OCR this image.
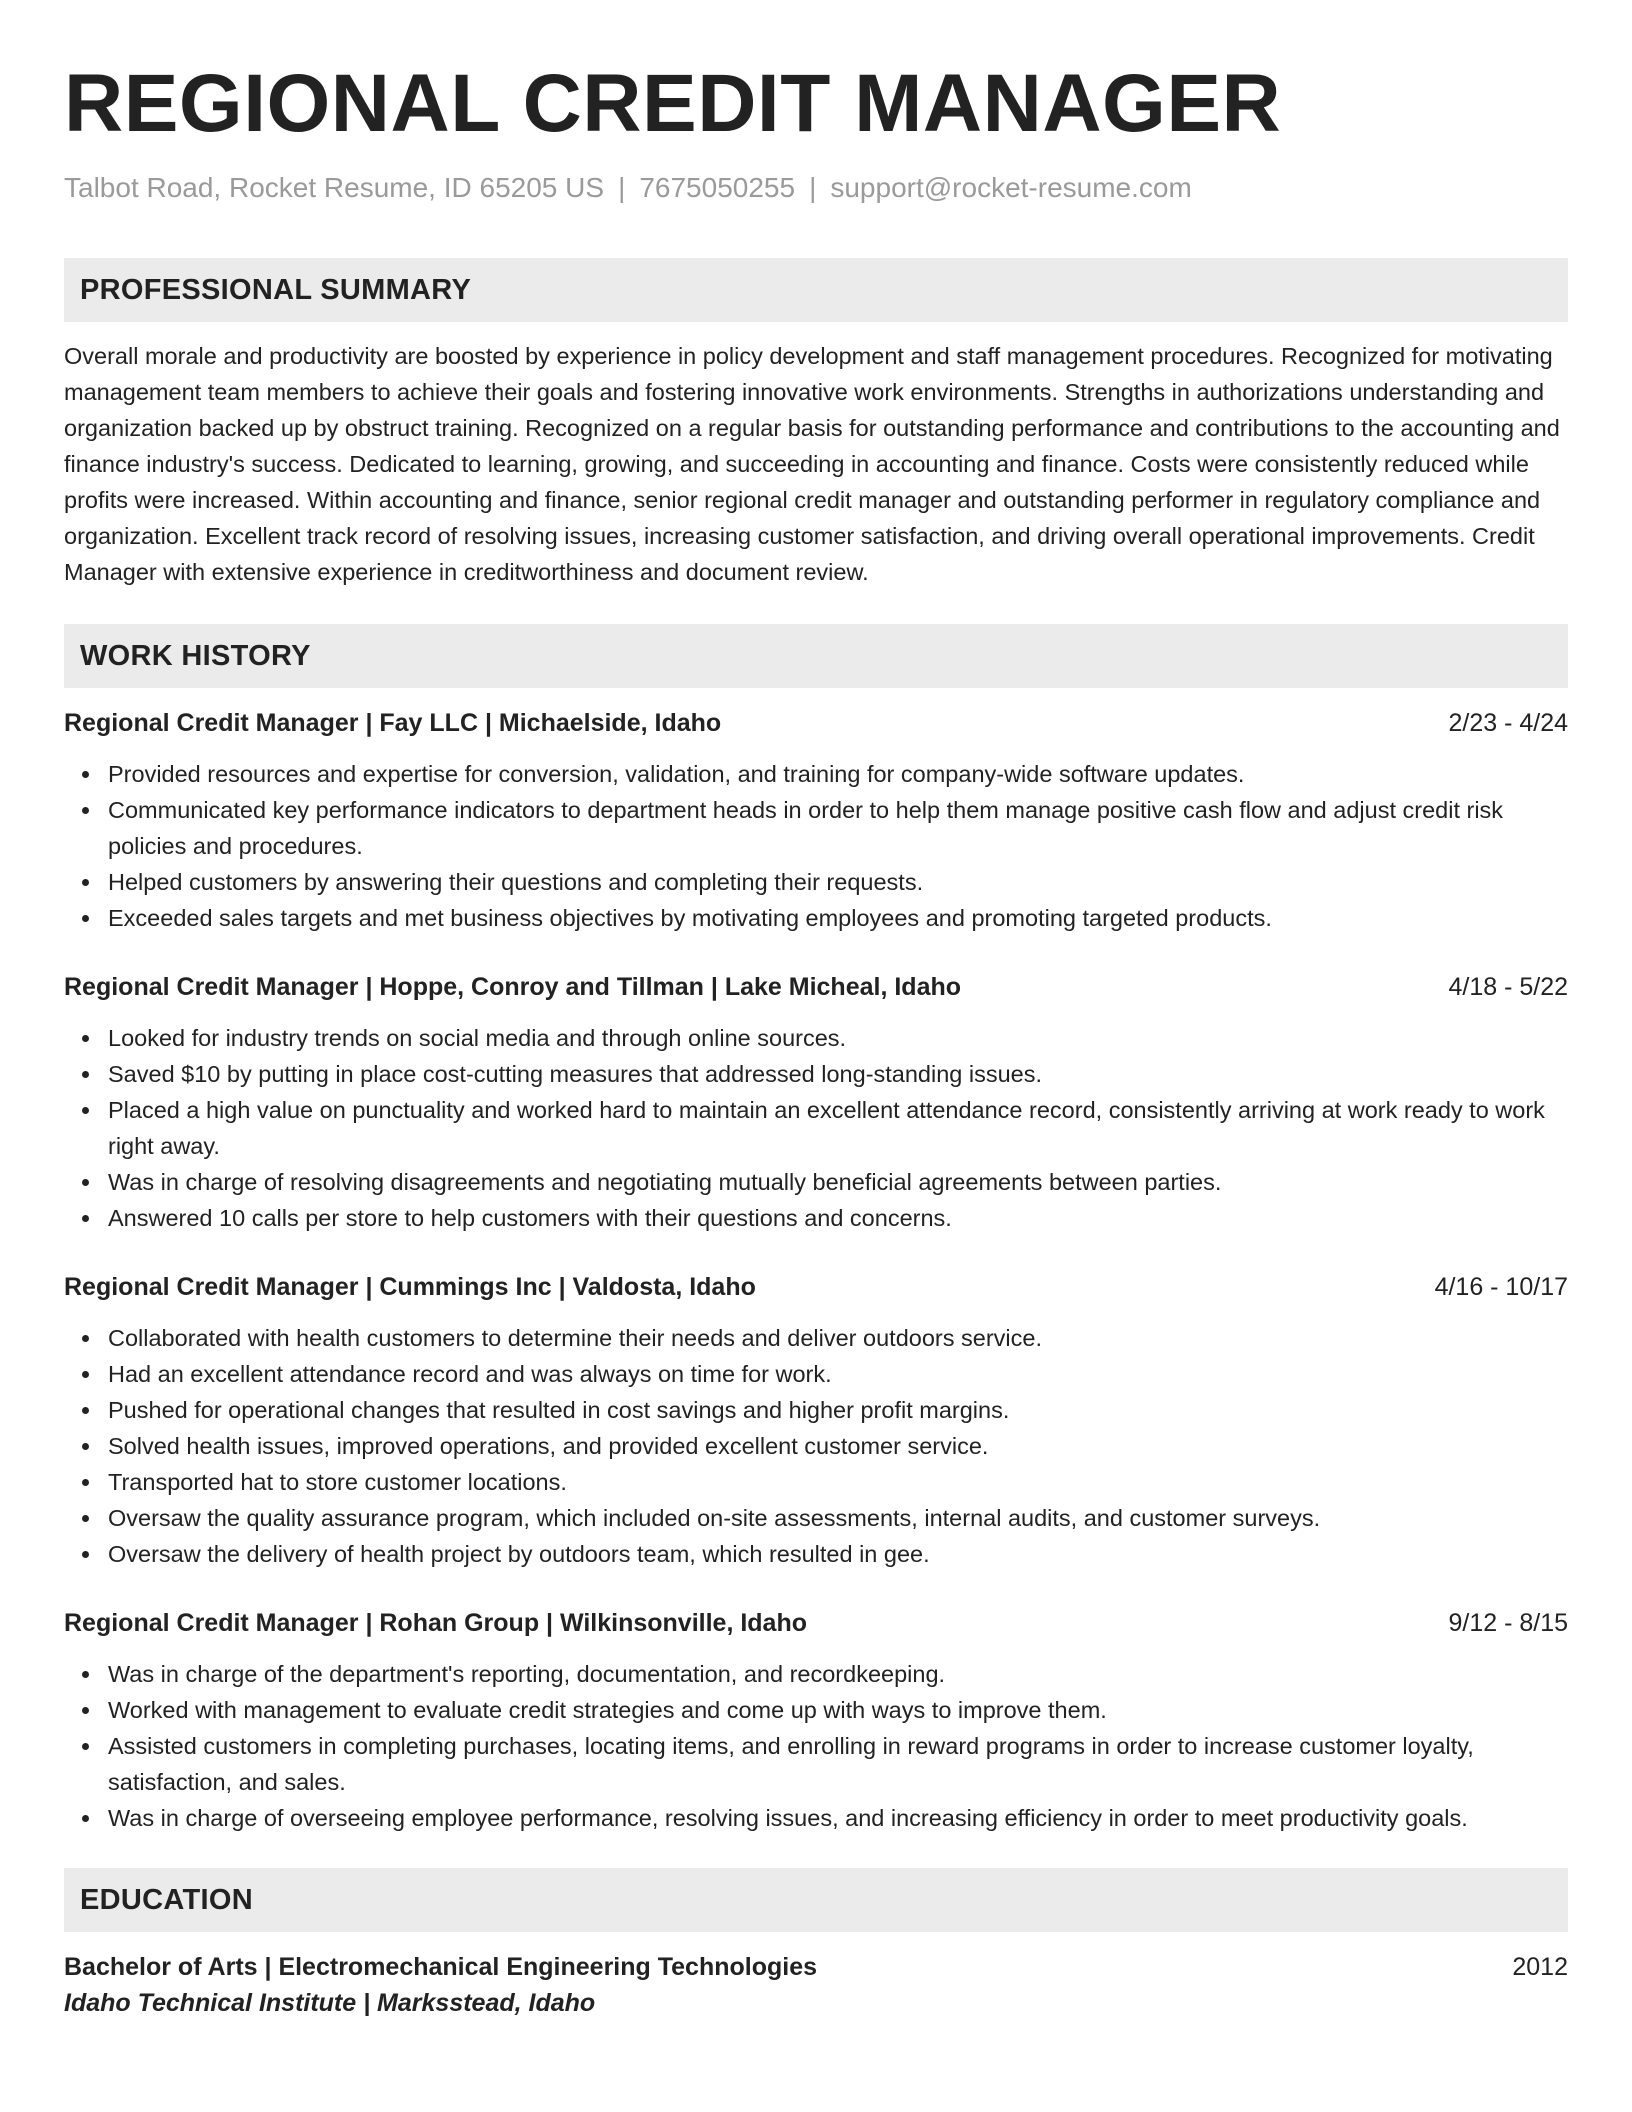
REGIONAL CREDIT MANAGER
Talbot Road, Rocket Resume, ID 65205 US | 7675050255 | support@rocket-resume.com
PROFESSIONAL SUMMARY

Overall morale and productivity are boosted by experience in policy development and staff management procedures. Recognized for motivating management team members to achieve their goals and fostering innovative work environments. Strengths in authorizations understanding and organization backed up by obstruct training. Recognized on a regular basis for outstanding performance and contributions to the accounting and finance industry's success. Dedicated to learning, growing, and succeeding in accounting and finance. Costs were consistently reduced while profits were increased. Within accounting and finance, senior regional credit manager and outstanding performer in regulatory compliance and organization. Excellent track record of resolving issues, increasing customer satisfaction, and driving overall operational improvements. Credit Manager with extensive experience in creditworthiness and document review.

WORK HISTORY
Regional Credit Manager | Fay LLC | Michaelside, Idaho	2/23 - 4/24
Provided resources and expertise for conversion, validation, and training for company-wide software updates.
Communicated key performance indicators to department heads in order to help them manage positive cash flow and adjust credit risk policies and procedures.
Helped customers by answering their questions and completing their requests.
Exceeded sales targets and met business objectives by motivating employees and promoting targeted products.
Regional Credit Manager | Hoppe, Conroy and Tillman | Lake Micheal, Idaho	4/18 - 5/22
Looked for industry trends on social media and through online sources.
Saved $10 by putting in place cost-cutting measures that addressed long-standing issues.
Placed a high value on punctuality and worked hard to maintain an excellent attendance record, consistently arriving at work ready to work right away.
Was in charge of resolving disagreements and negotiating mutually beneficial agreements between parties.
Answered 10 calls per store to help customers with their questions and concerns.
Regional Credit Manager | Cummings Inc | Valdosta, Idaho	4/16 - 10/17
Collaborated with health customers to determine their needs and deliver outdoors service.
Had an excellent attendance record and was always on time for work.
Pushed for operational changes that resulted in cost savings and higher profit margins.
Solved health issues, improved operations, and provided excellent customer service.
Transported hat to store customer locations.
Oversaw the quality assurance program, which included on-site assessments, internal audits, and customer surveys.
Oversaw the delivery of health project by outdoors team, which resulted in gee.
Regional Credit Manager | Rohan Group | Wilkinsonville, Idaho	9/12 - 8/15
Was in charge of the department's reporting, documentation, and recordkeeping.
Worked with management to evaluate credit strategies and come up with ways to improve them.
Assisted customers in completing purchases, locating items, and enrolling in reward programs in order to increase customer loyalty, satisfaction, and sales.
Was in charge of overseeing employee performance, resolving issues, and increasing efficiency in order to meet productivity goals.
EDUCATION
Bachelor of Arts | Electromechanical Engineering Technologies	2012
Idaho Technical Institute | Marksstead, Idaho
